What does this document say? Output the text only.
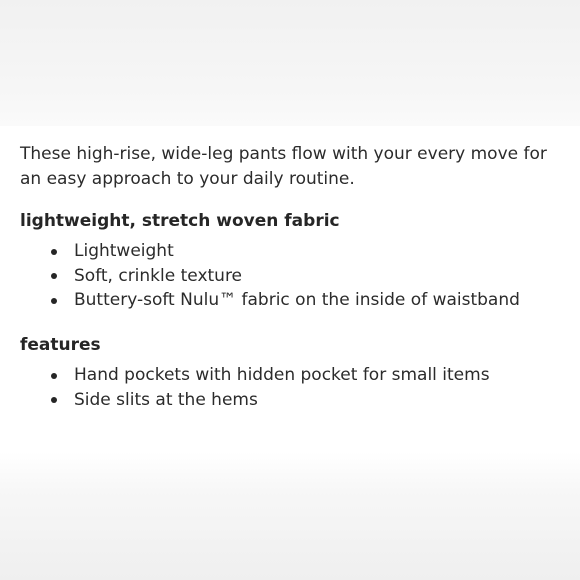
These high-rise, wide-leg pants flow with your every move for an easy approach to your daily routine.

lightweight, stretch woven fabric
Lightweight
Soft, crinkle texture
Buttery-soft Nulu™ fabric on the inside of waistband
features
Hand pockets with hidden pocket for small items
Side slits at the hems
